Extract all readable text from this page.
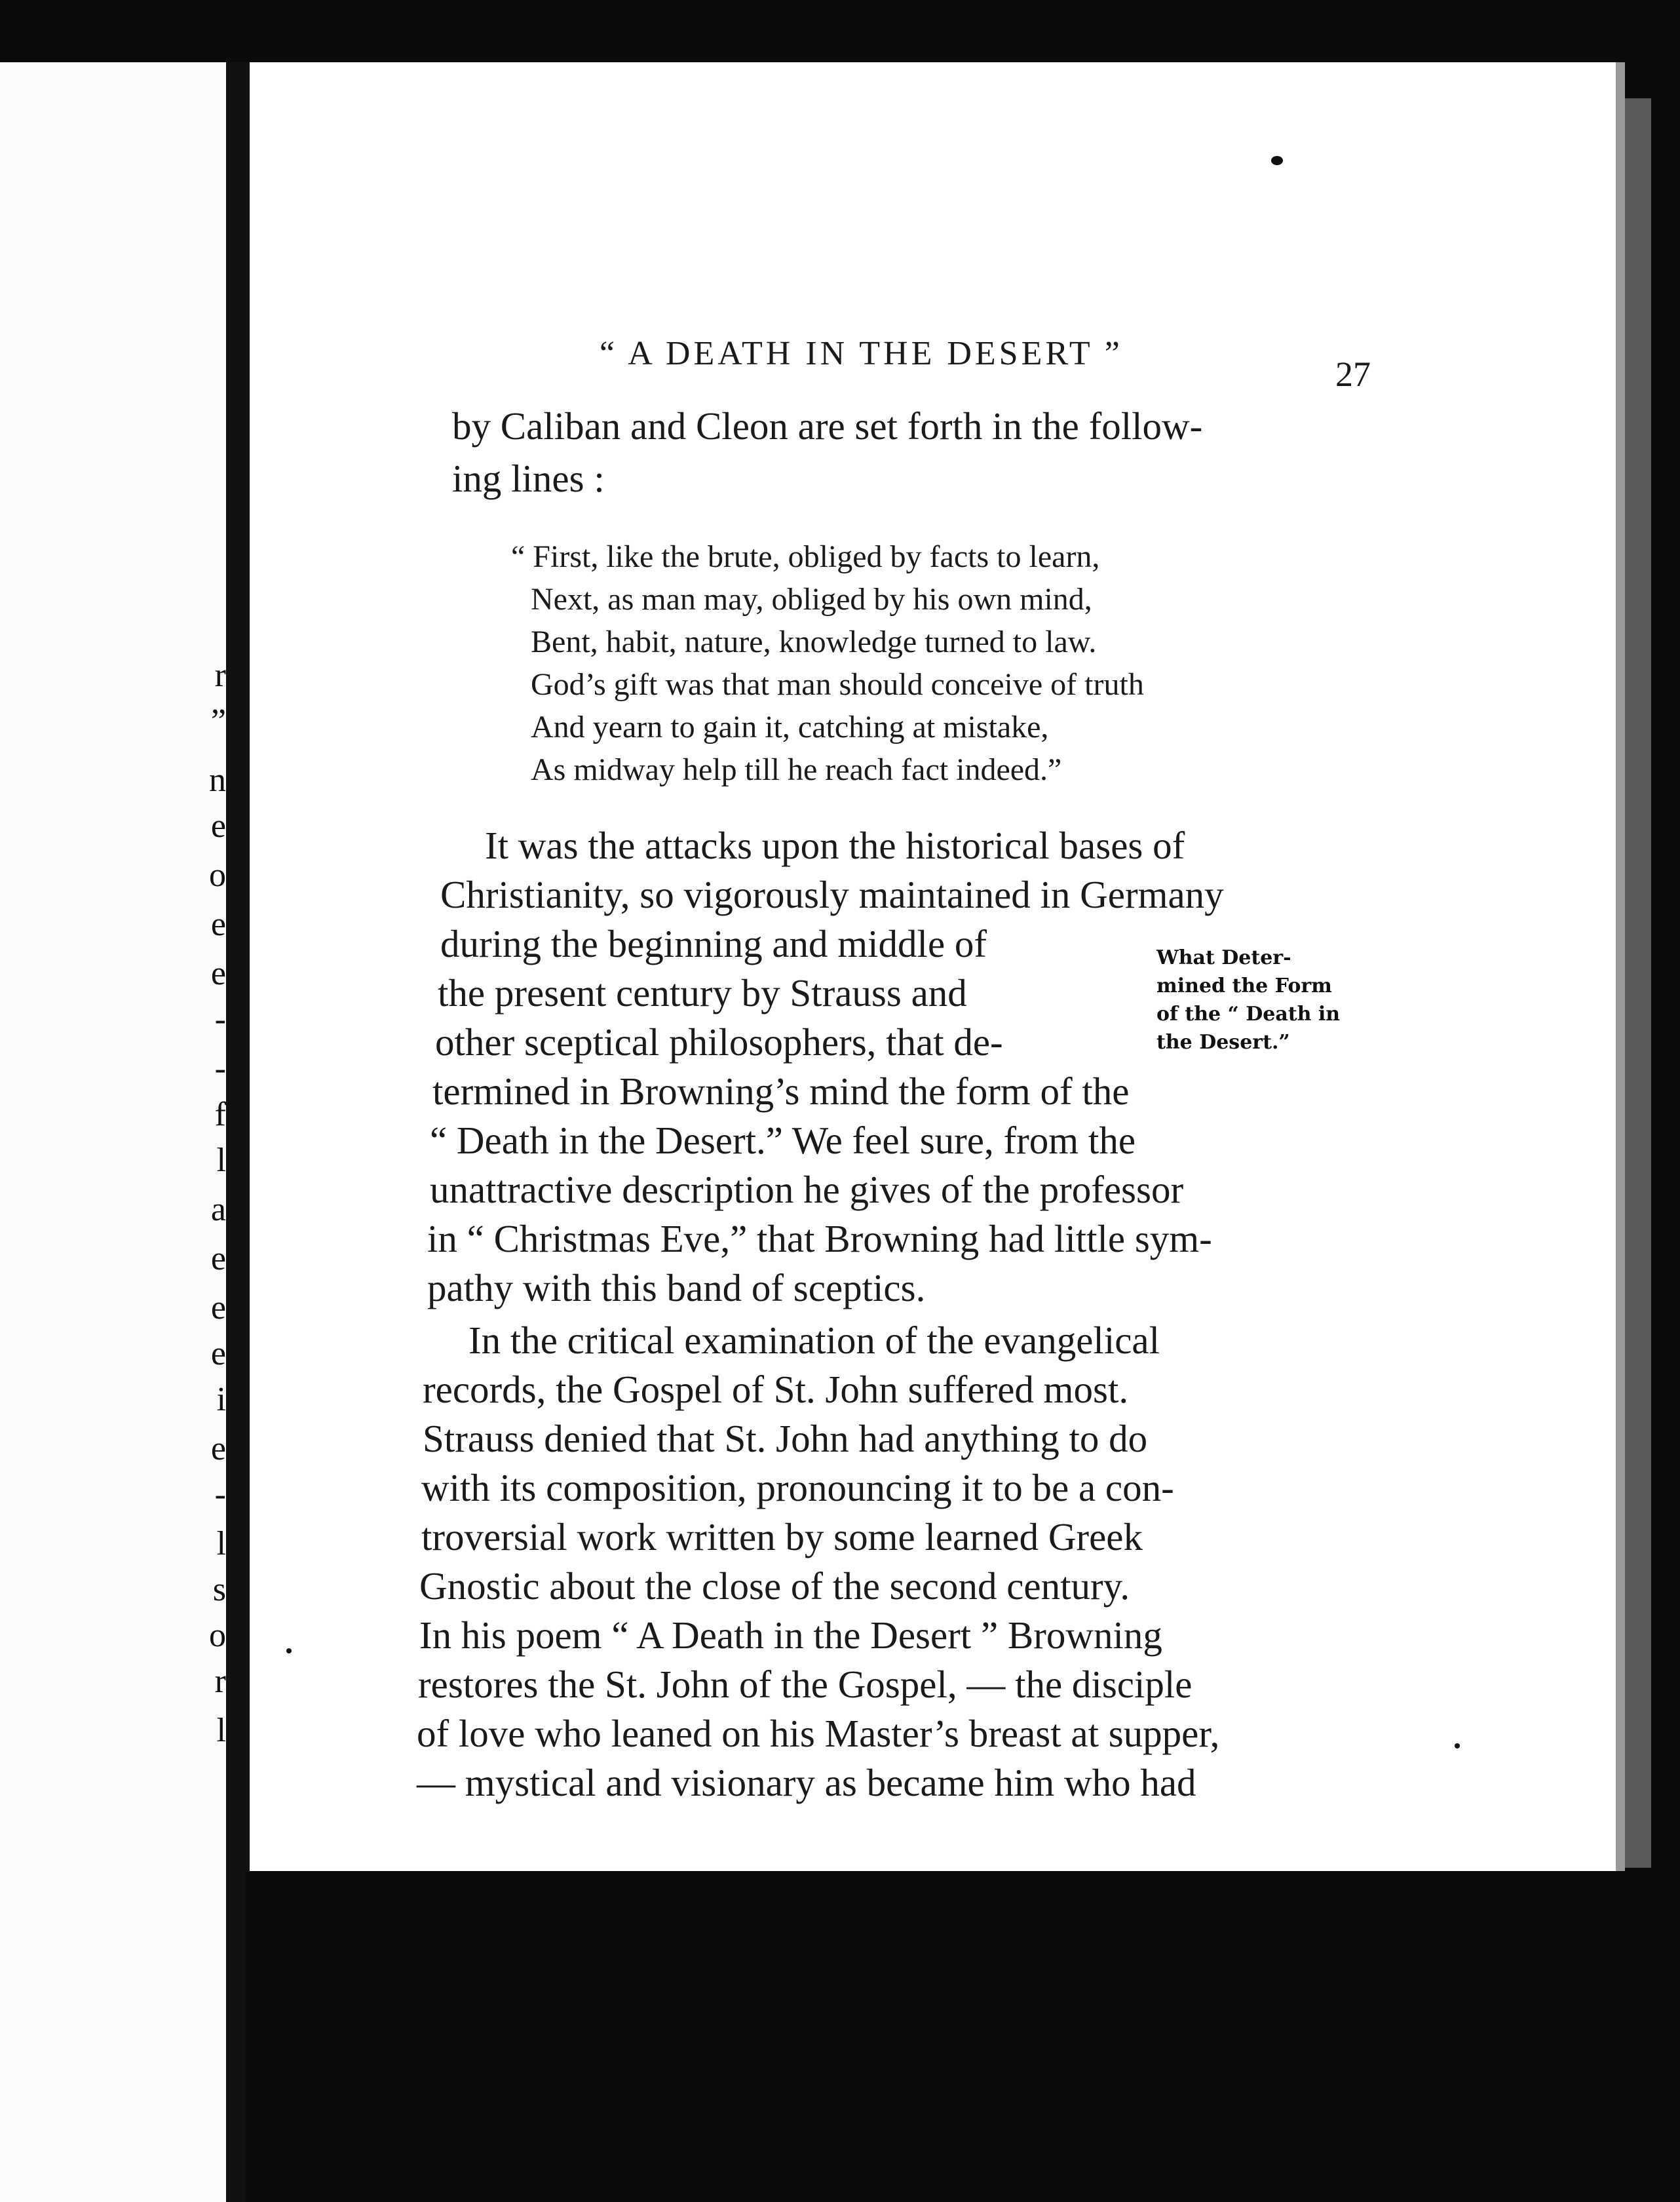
r
”
n
e
o
e
e
-
-
f
l
a
e
e
e
i
e
-
l
s
o
r
l
“ A DEATH IN THE DESERT ”
27
by Caliban and Cleon are set forth in the follow-
ing lines :
“ First, like the brute, obliged by facts to learn,
Next, as man may, obliged by his own mind,
Bent, habit, nature, knowledge turned to law.
God’s gift was that man should conceive of truth
And yearn to gain it, catching at mistake,
As midway help till he reach fact indeed.”
It was the attacks upon the historical bases of
Christianity, so vigorously maintained in Germany
during the beginning and middle of
the present century by Strauss and
other sceptical philosophers, that de-
termined in Browning’s mind the form of the
“ Death in the Desert.” We feel sure, from the
unattractive description he gives of the professor
in “ Christmas Eve,” that Browning had little sym-
pathy with this band of sceptics.
What Deter-
mined the Form
of the “ Death in
the Desert.”
In the critical examination of the evangelical
records, the Gospel of St. John suffered most.
Strauss denied that St. John had anything to do
with its composition, pronouncing it to be a con-
troversial work written by some learned Greek
Gnostic about the close of the second century.
In his poem “ A Death in the Desert ” Browning
restores the St. John of the Gospel, — the disciple
of love who leaned on his Master’s breast at supper,
— mystical and visionary as became him who had
